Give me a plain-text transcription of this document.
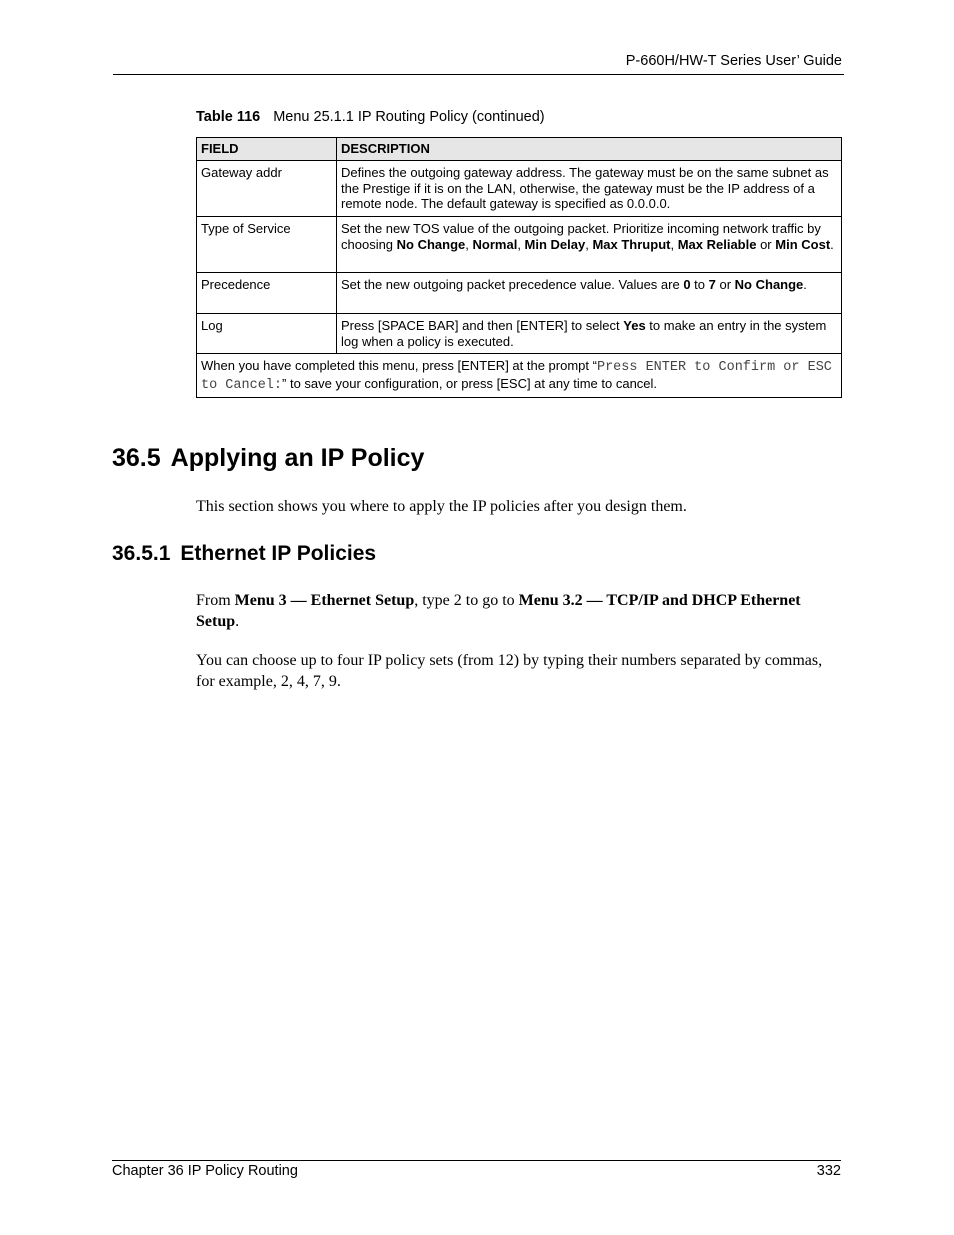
P-660H/HW-T Series User’ Guide
Table 116 Menu 25.1.1 IP Routing Policy (continued)
FIELD	DESCRIPTION
Gateway addr	Defines the outgoing gateway address. The gateway must be on the same subnet as the Prestige if it is on the LAN, otherwise, the gateway must be the IP address of a remote node. The default gateway is specified as 0.0.0.0.
Type of Service	Set the new TOS value of the outgoing packet. Prioritize incoming network traffic by choosing No Change, Normal, Min Delay, Max Thruput, Max Reliable or Min Cost.
Precedence	Set the new outgoing packet precedence value. Values are 0 to 7 or No Change.
Log	Press [SPACE BAR] and then [ENTER] to select Yes to make an entry in the system log when a policy is executed.
When you have completed this menu, press [ENTER] at the prompt “Press ENTER to Confirm or ESC to Cancel:” to save your configuration, or press [ESC] at any time to cancel.	
36.5 Applying an IP Policy

This section shows you where to apply the IP policies after you design them.

36.5.1 Ethernet IP Policies

From Menu 3 — Ethernet Setup, type 2 to go to Menu 3.2 — TCP/IP and DHCP Ethernet Setup.

You can choose up to four IP policy sets (from 12) by typing their numbers separated by commas, for example, 2, 4, 7, 9.

Chapter 36 IP Policy Routing	332
